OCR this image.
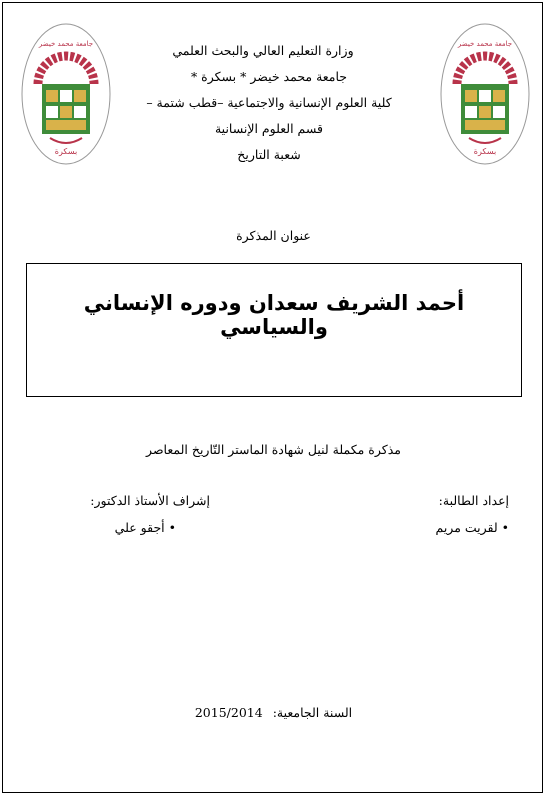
جامعة محمد خيضر
بسكرة
جامعة محمد خيضر
بسكرة
وزارة التعليم العالي والبحث العلمي
جامعة محمد خيضر * بسكرة *
كلية العلوم الإنسانية والاجتماعية –قطب شتمة –
قسم العلوم الإنسانية
شعبة التاريخ
عنوان المذكرة
أحمد الشريف سعدان ودوره الإنساني والسياسي
مذكرة مكملة لنيل شهادة الماستر التّاريخ المعاصر
إعداد الطالبة:
• لقريت مريم
إشراف الأستاذ الدكتور:
• أجقو علي
السنة الجامعية: 2015/2014
